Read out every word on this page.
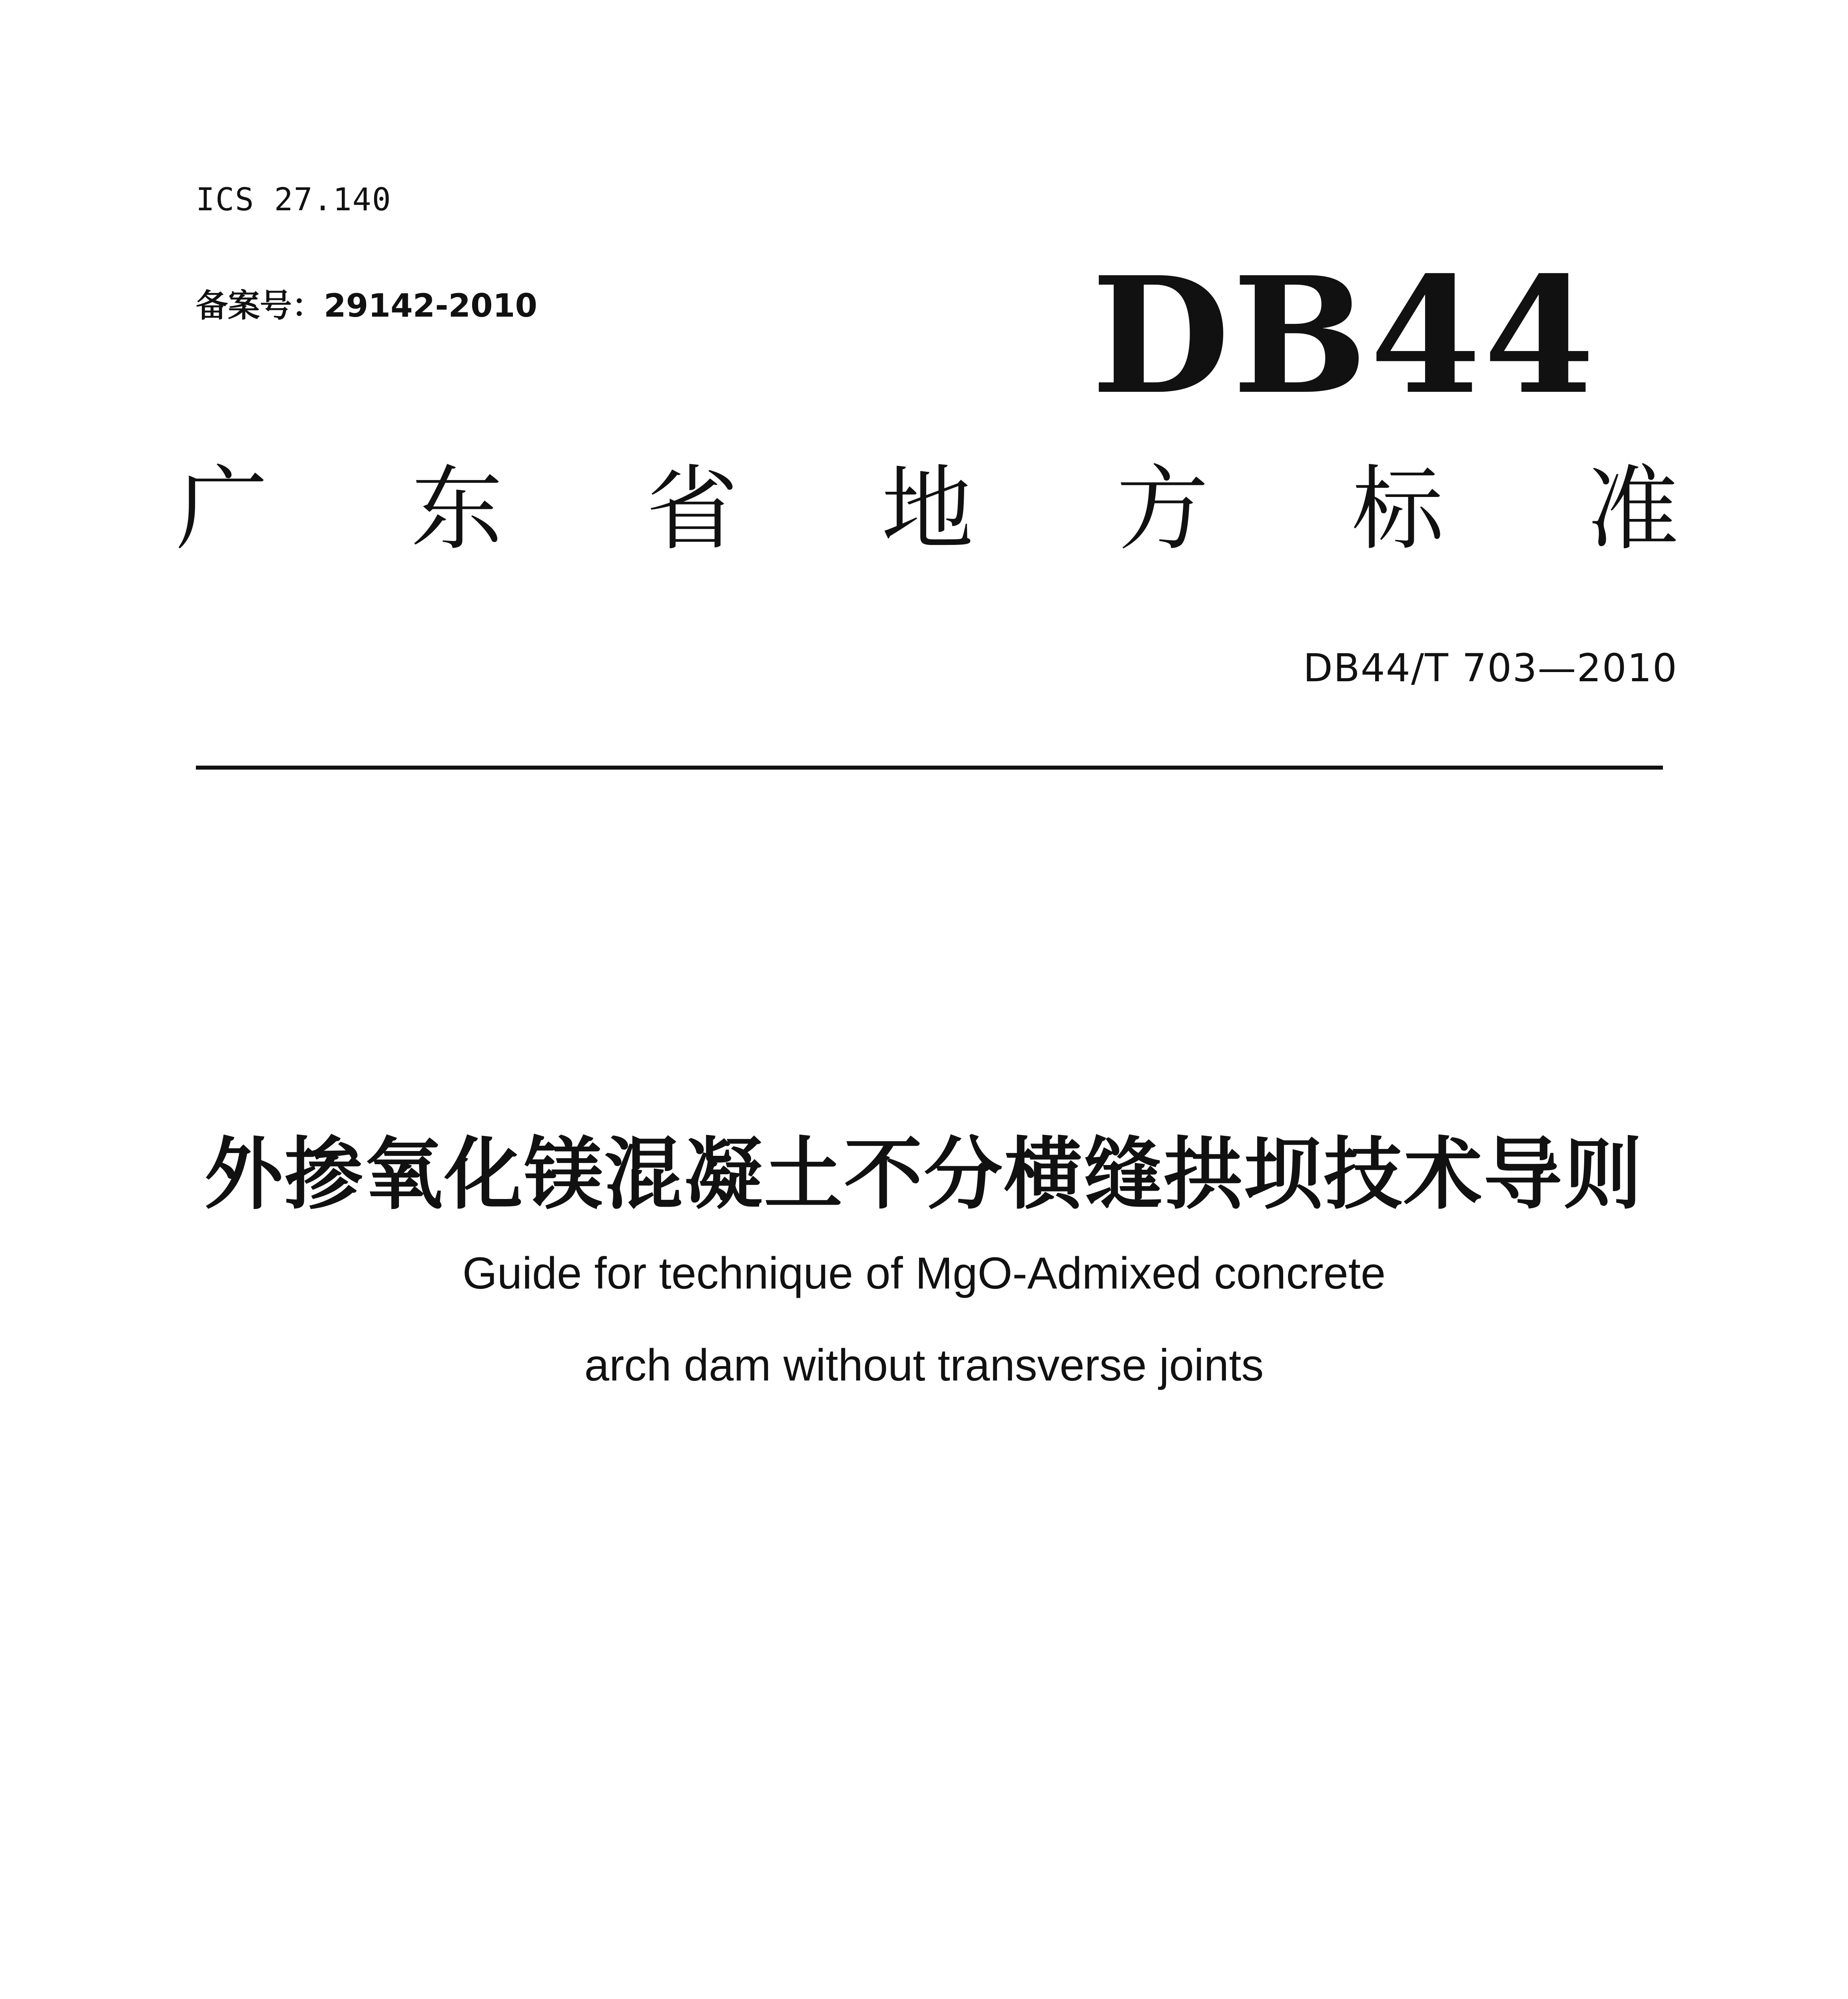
ICS 27.140
备案号：29142-2010	DB44
广 东 省 地 方 标 准
DB44/T 703—2010
外掺氧化镁混凝土不分横缝拱坝技术导则
Guide for technique of MgO-Admixed concrete
arch dam without transverse joints
